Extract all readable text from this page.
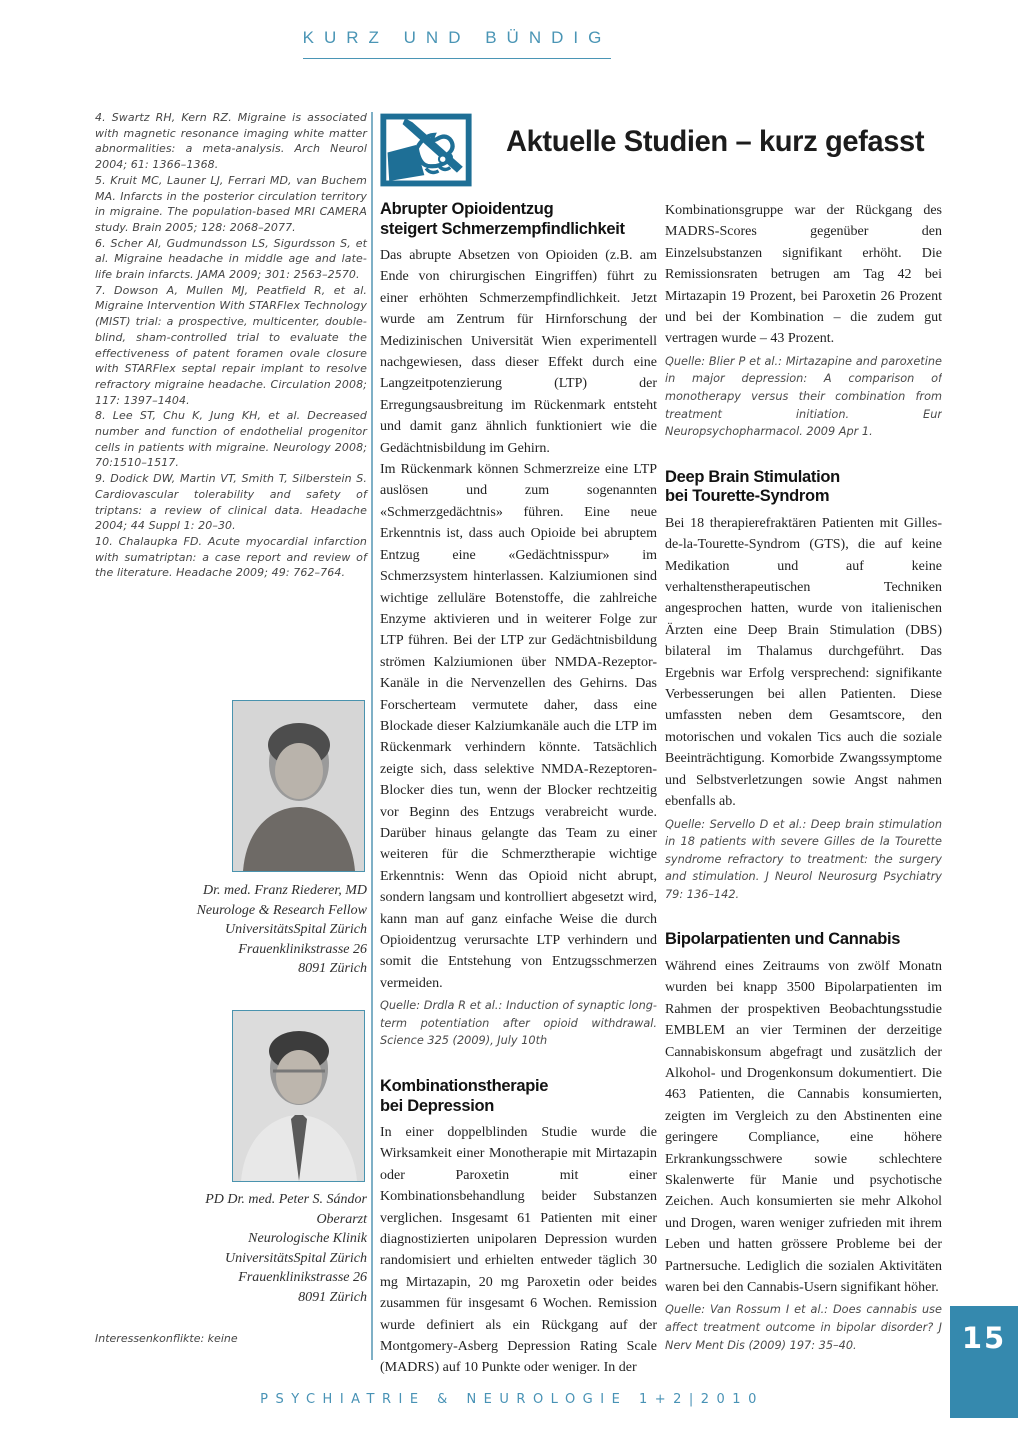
KURZ UND BÜNDIG

4. Swartz RH, Kern RZ. Migraine is associated with magnetic resonance imaging white matter abnormalities: a meta-analysis. Arch Neurol 2004; 61: 1366–1368.

5. Kruit MC, Launer LJ, Ferrari MD, van Buchem MA. Infarcts in the posterior circulation territory in migraine. The population-based MRI CAMERA study. Brain 2005; 128: 2068–2077.

6. Scher AI, Gudmundsson LS, Sigurdsson S, et al. Migraine headache in middle age and late-life brain infarcts. JAMA 2009; 301: 2563–2570.

7. Dowson A, Mullen MJ, Peatfield R, et al. Migraine Intervention With STARFlex Technology (MIST) trial: a prospective, multicenter, double-blind, sham-controlled trial to evaluate the effectiveness of patent foramen ovale closure with STARFlex septal repair implant to resolve refractory migraine headache. Circulation 2008; 117: 1397–1404.

8. Lee ST, Chu K, Jung KH, et al. Decreased number and function of endothelial progenitor cells in patients with migraine. Neurology 2008; 70:1510–1517.

9. Dodick DW, Martin VT, Smith T, Silberstein S. Cardiovascular tolerability and safety of triptans: a review of clinical data. Headache 2004; 44 Suppl 1: 20–30.

10. Chalaupka FD. Acute myocardial infarction with sumatriptan: a case report and review of the literature. Headache 2009; 49: 762–764.

Dr. med. Franz Riederer, MD
Neurologe & Research Fellow
UniversitätsSpital Zürich
Frauenklinikstrasse 26
8091 Zürich
PD Dr. med. Peter S. Sándor
Oberarzt
Neurologische Klinik
UniversitätsSpital Zürich
Frauenklinikstrasse 26
8091 Zürich
Interessenkonflikte: keine
Aktuelle Studien – kurz gefasst
Abrupter Opioidentzug
steigert Schmerzempfindlichkeit

Das abrupte Absetzen von Opioiden (z.B. am Ende von chirurgischen Eingriffen) führt zu einer erhöhten Schmerzempfindlichkeit. Jetzt wurde am Zentrum für Hirnforschung der Medizinischen Universität Wien experimentell nachgewiesen, dass dieser Effekt durch eine Langzeitpotenzierung (LTP) der Erregungsausbreitung im Rückenmark entsteht und damit ganz ähnlich funktioniert wie die Gedächtnisbildung im Gehirn.

Im Rückenmark können Schmerzreize eine LTP auslösen und zum sogenannten «Schmerzgedächtnis» führen. Eine neue Erkenntnis ist, dass auch Opioide bei abruptem Entzug eine «Gedächtnisspur» im Schmerzsystem hinterlassen. Kalziumionen sind wichtige zelluläre Botenstoffe, die zahlreiche Enzyme aktivieren und in weiterer Folge zur LTP führen. Bei der LTP zur Gedächtnisbildung strömen Kalziumionen über NMDA-Rezeptor-Kanäle in die Nervenzellen des Gehirns. Das Forscherteam vermutete daher, dass eine Blockade dieser Kalziumkanäle auch die LTP im Rückenmark verhindern könnte. Tatsächlich zeigte sich, dass selektive NMDA-Rezeptoren-Blocker dies tun, wenn der Blocker rechtzeitig vor Beginn des Entzugs verabreicht wurde. Darüber hinaus gelangte das Team zu einer weiteren für die Schmerztherapie wichtige Erkenntnis: Wenn das Opioid nicht abrupt, sondern langsam und kontrolliert abgesetzt wird, kann man auf ganz einfache Weise die durch Opioidentzug verursachte LTP verhindern und somit die Entstehung von Entzugsschmerzen vermeiden.

Quelle: Drdla R et al.: Induction of synaptic long-term potentiation after opioid withdrawal. Science 325 (2009), July 10th

Kombinationstherapie
bei Depression

In einer doppelblinden Studie wurde die Wirksamkeit einer Monotherapie mit Mirtazapin oder Paroxetin mit einer Kombinationsbehandlung beider Substanzen verglichen. Insgesamt 61 Patienten mit einer diagnostizierten unipolaren Depression wurden randomisiert und erhielten entweder täglich 30 mg Mirtazapin, 20 mg Paroxetin oder beides zusammen für insgesamt 6 Wochen. Remission wurde definiert als ein Rückgang auf der Montgomery-Asberg Depression Rating Scale (MADRS) auf 10 Punkte oder weniger. In der

Kombinationsgruppe war der Rückgang des MADRS-Scores gegenüber den Einzelsubstanzen signifikant erhöht. Die Remissionsraten betrugen am Tag 42 bei Mirtazapin 19 Prozent, bei Paroxetin 26 Prozent und bei der Kombination – die zudem gut vertragen wurde – 43 Prozent.

Quelle: Blier P et al.: Mirtazapine and paroxetine in major depression: A comparison of monotherapy versus their combination from treatment initiation. Eur Neuropsychopharmacol. 2009 Apr 1.

Deep Brain Stimulation
bei Tourette-Syndrom

Bei 18 therapierefraktären Patienten mit Gilles-de-la-Tourette-Syndrom (GTS), die auf keine Medikation und auf keine verhaltenstherapeutischen Techniken angesprochen hatten, wurde von italienischen Ärzten eine Deep Brain Stimulation (DBS) bilateral im Thalamus durchgeführt. Das Ergebnis war Erfolg versprechend: signifikante Verbesserungen bei allen Patienten. Diese umfassten neben dem Gesamtscore, den motorischen und vokalen Tics auch die soziale Beeinträchtigung. Komorbide Zwangssymptome und Selbstverletzungen sowie Angst nahmen ebenfalls ab.

Quelle: Servello D et al.: Deep brain stimulation in 18 patients with severe Gilles de la Tourette syndrome refractory to treatment: the surgery and stimulation. J Neurol Neurosurg Psychiatry 79: 136–142.

Bipolarpatienten und Cannabis

Während eines Zeitraums von zwölf Monatn wurden bei knapp 3500 Bipolarpatienten im Rahmen der prospektiven Beobachtungsstudie EMBLEM an vier Terminen der derzeitige Cannabiskonsum abgefragt und zusätzlich der Alkohol- und Drogenkonsum dokumentiert. Die 463 Patienten, die Cannabis konsumierten, zeigten im Vergleich zu den Abstinenten eine geringere Compliance, eine höhere Erkrankungsschwere sowie schlechtere Skalenwerte für Manie und psychotische Zeichen. Auch konsumierten sie mehr Alkohol und Drogen, waren weniger zufrieden mit ihrem Leben und hatten grössere Probleme bei der Partnersuche. Lediglich die sozialen Aktivitäten waren bei den Cannabis-Usern signifikant höher.

Quelle: Van Rossum I et al.: Does cannabis use affect treatment outcome in bipolar disorder? J Nerv Ment Dis (2009) 197: 35–40.

PSYCHIATRIE & NEUROLOGIE 1+2|2010
15
